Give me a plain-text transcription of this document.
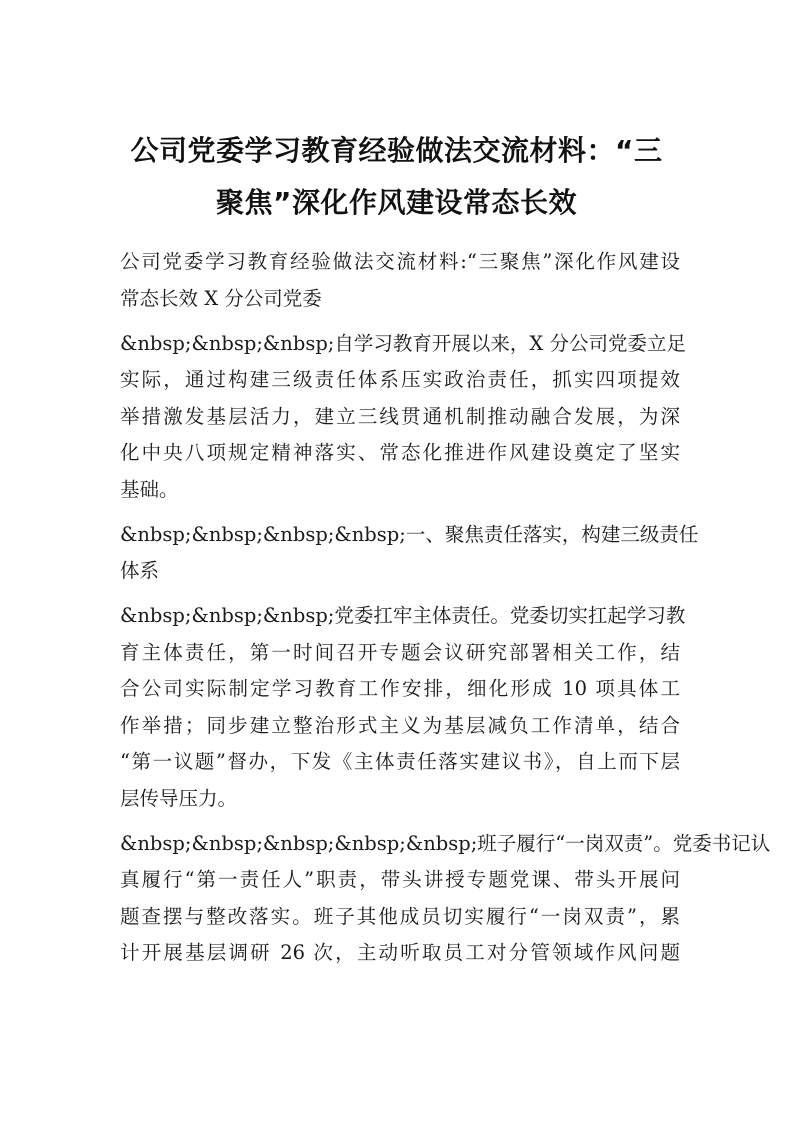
公司党委学习教育经验做法交流材料：“三
聚焦”深化作风建设常态长效

公司党委学习教育经验做法交流材料:“三聚焦”深化作风建设
常态长效 X 分公司党委

&nbsp;&nbsp;&nbsp;自学习教育开展以来，X 分公司党委立足
实际，通过构建三级责任体系压实政治责任，抓实四项提效
举措激发基层活力，建立三线贯通机制推动融合发展，为深
化中央八项规定精神落实、常态化推进作风建设奠定了坚实
基础。

&nbsp;&nbsp;&nbsp;&nbsp;一、聚焦责任落实，构建三级责任
体系

&nbsp;&nbsp;&nbsp;党委扛牢主体责任。党委切实扛起学习教
育主体责任，第一时间召开专题会议研究部署相关工作，结
合公司实际制定学习教育工作安排，细化形成 10 项具体工
作举措；同步建立整治形式主义为基层减负工作清单，结合
“第一议题”督办，下发《主体责任落实建议书》，自上而下层
层传导压力。

&nbsp;&nbsp;&nbsp;&nbsp;&nbsp;班子履行“一岗双责”。党委书记认
真履行“第一责任人”职责，带头讲授专题党课、带头开展问
题查摆与整改落实。班子其他成员切实履行“一岗双责”，累
计开展基层调研 26 次，主动听取员工对分管领域作风问题
